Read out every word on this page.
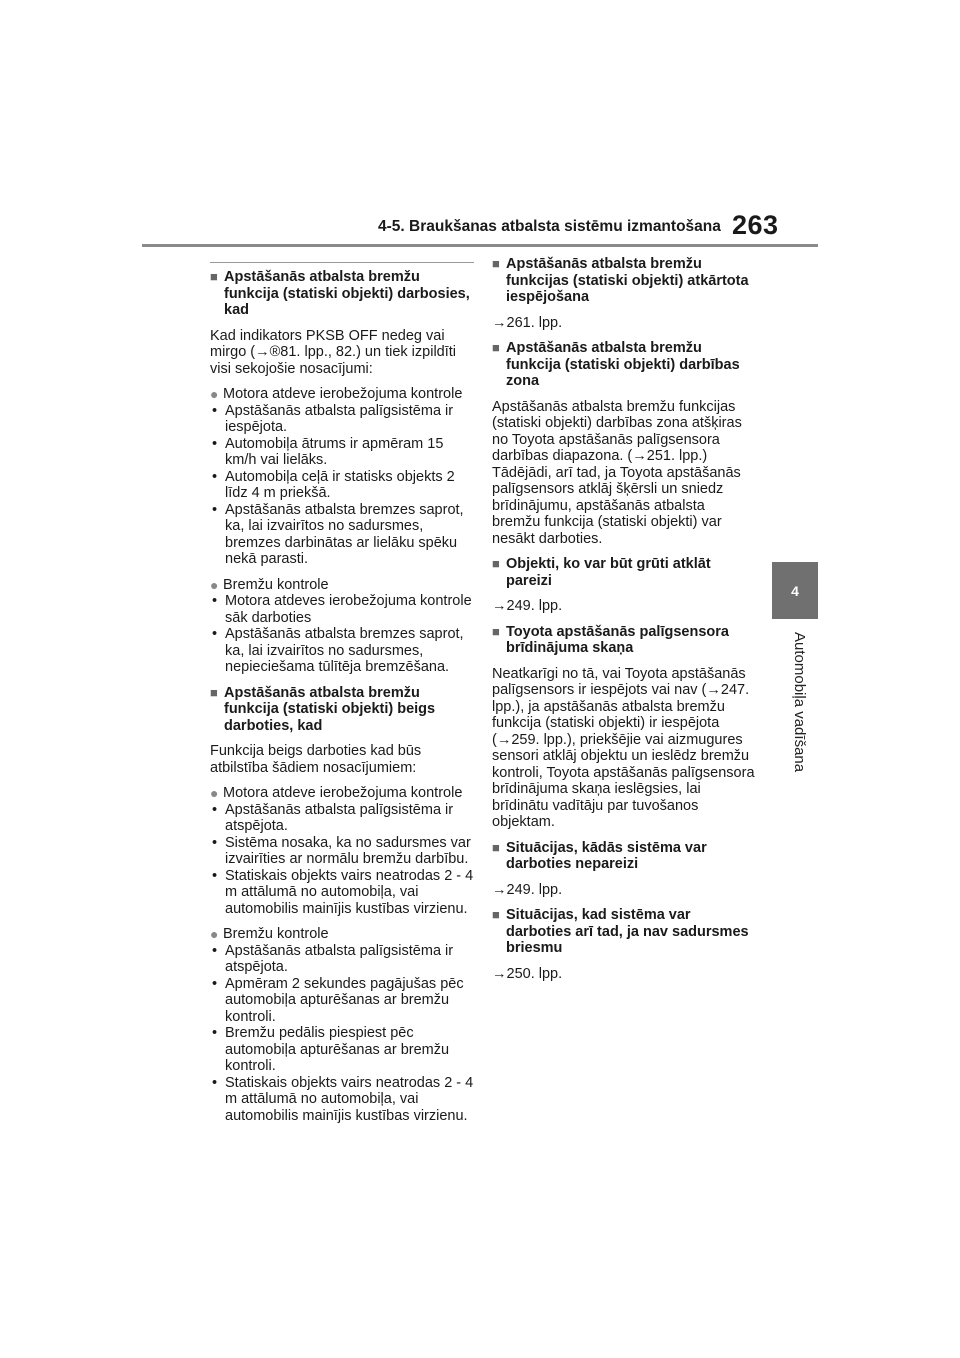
4-5. Braukšanas atbalsta sistēmu izmantošana 263
4
Automobiļa vadīšana
■ Apstāšanās atbalsta bremžu funkcija (statiski objekti) darbosies, kad
Kad indikators PKSB OFF nedeg vai mirgo (→®81. lpp., 82.) un tiek izpildīti visi sekojošie nosacījumi:
● Motora atdeve ierobežojuma kontrole
• Apstāšanās atbalsta palīgsistēma ir iespējota.
• Automobiļa ātrums ir apmēram 15 km/h vai lielāks.
• Automobiļa ceļā ir statisks objekts 2 līdz 4 m priekšā.
• Apstāšanās atbalsta bremzes saprot, ka, lai izvairītos no sadursmes, bremzes darbinātas ar lielāku spēku nekā parasti.
● Bremžu kontrole
• Motora atdeves ierobežojuma kontrole sāk darboties
• Apstāšanās atbalsta bremzes saprot, ka, lai izvairītos no sadursmes, nepieciešama tūlītēja bremzēšana.
■ Apstāšanās atbalsta bremžu funkcija (statiski objekti) beigs darboties, kad
Funkcija beigs darboties kad būs atbilstība šādiem nosacījumiem:
● Motora atdeve ierobežojuma kontrole
• Apstāšanās atbalsta palīgsistēma ir atspējota.
• Sistēma nosaka, ka no sadursmes var izvairīties ar normālu bremžu darbību.
• Statiskais objekts vairs neatrodas 2 - 4 m attālumā no automobiļa, vai automobilis mainījis kustības virzienu.
● Bremžu kontrole
• Apstāšanās atbalsta palīgsistēma ir atspējota.
• Apmēram 2 sekundes pagājušas pēc automobiļa apturēšanas ar bremžu kontroli.
• Bremžu pedālis piespiest pēc automobiļa apturēšanas ar bremžu kontroli.
• Statiskais objekts vairs neatrodas 2 - 4 m attālumā no automobiļa, vai automobilis mainījis kustības virzienu.
■ Apstāšanās atbalsta bremžu funkcijas (statiski objekti) atkārtota iespējošana
→261. lpp.
■ Apstāšanās atbalsta bremžu funkcija (statiski objekti) darbības zona
Apstāšanās atbalsta bremžu funkcijas (statiski objekti) darbības zona atšķiras no Toyota apstāšanās palīgsensora darbības diapazona. (→251. lpp.) Tādējādi, arī tad, ja Toyota apstāšanās palīgsensors atklāj šķērsli un sniedz brīdinājumu, apstāšanās atbalsta bremžu funkcija (statiski objekti) var nesākt darboties.
■ Objekti, ko var būt grūti atklāt pareizi
→249. lpp.
■ Toyota apstāšanās palīgsensora brīdinājuma skaņa
Neatkarīgi no tā, vai Toyota apstāšanās palīgsensors ir iespējots vai nav (→247. lpp.), ja apstāšanās atbalsta bremžu funkcija (statiski objekti) ir iespējota (→259. lpp.), priekšējie vai aizmugures sensori atklāj objektu un ieslēdz bremžu kontroli, Toyota apstāšanās palīgsensora brīdinājuma skaņa ieslēgsies, lai brīdinātu vadītāju par tuvošanos objektam.
■ Situācijas, kādās sistēma var darboties nepareizi
→249. lpp.
■ Situācijas, kad sistēma var darboties arī tad, ja nav sadursmes briesmu
→250. lpp.
